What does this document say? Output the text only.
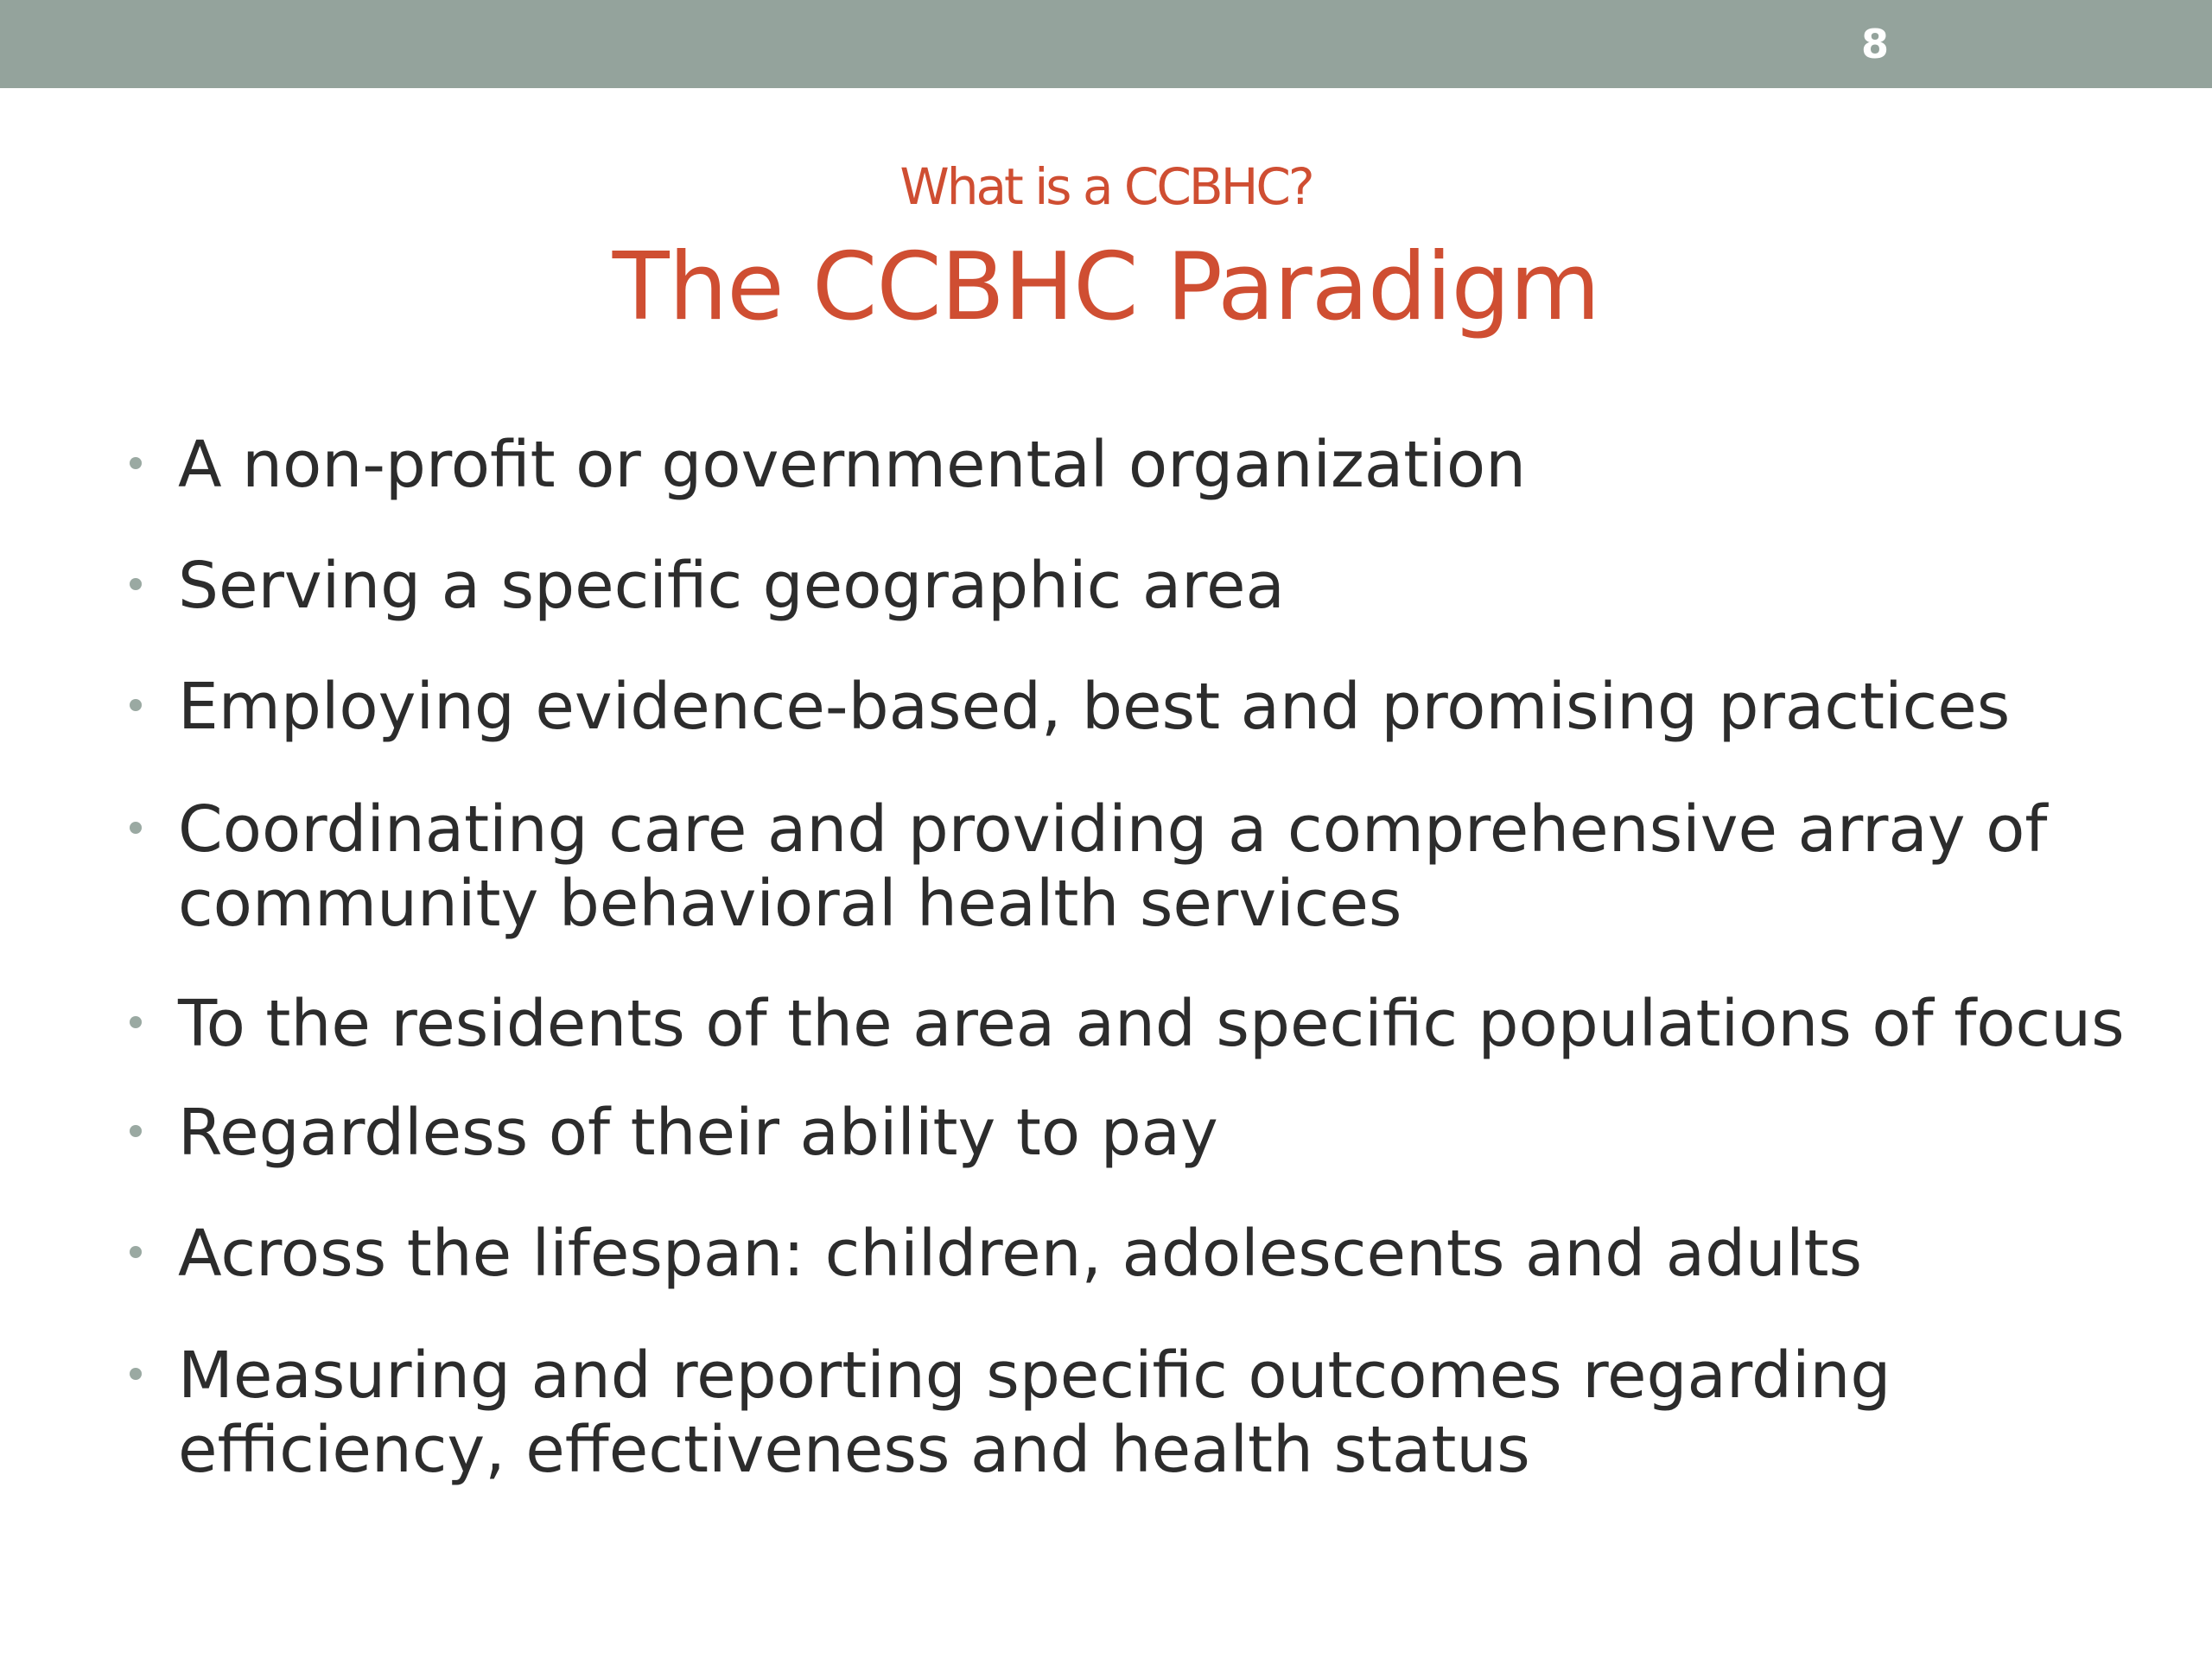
8
What is a CCBHC?
The CCBHC Paradigm
A non-profit or governmental organization
Serving a specific geographic area
Employing evidence-based, best and promising practices
Coordinating care and providing a comprehensive array of
community behavioral health services
To the residents of the area and specific populations of focus
Regardless of their ability to pay
Across the lifespan: children, adolescents and adults
Measuring and reporting specific outcomes regarding
efficiency, effectiveness and health status
